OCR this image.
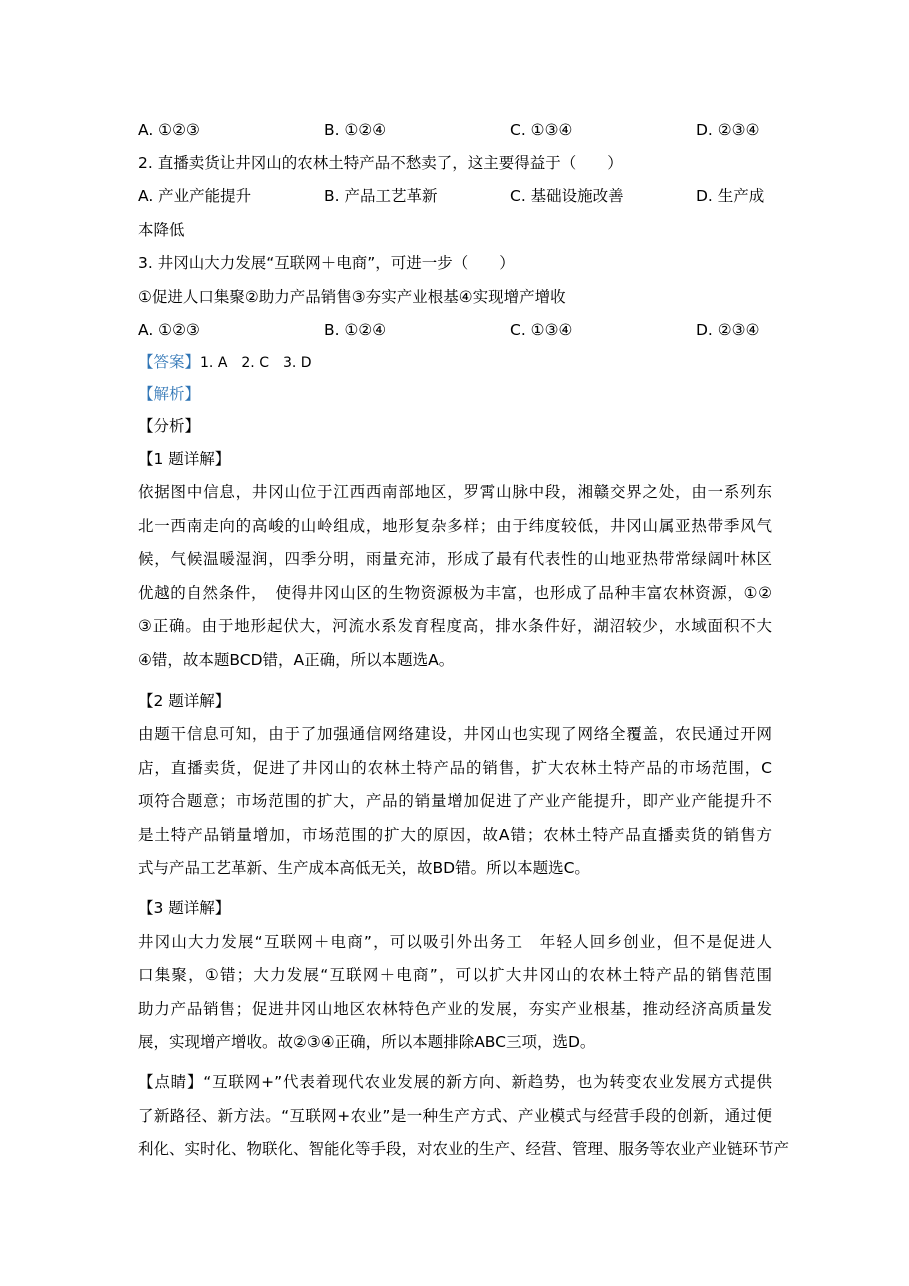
A. ①②③	B. ①②④	C. ①③④	D. ②③④
2. 直播卖货让井冈山的农林土特产品不愁卖了，这主要得益于（　　）
A. 产业产能提升	B. 产品工艺革新	C. 基础设施改善	D. 生产成
本降低
3. 井冈山大力发展“互联网＋电商”，可进一步（　　）
①促进人口集聚②助力产品销售③夯实产业根基④实现增产增收
A. ①②③	B. ①②④	C. ①③④	D. ②③④
【答案】1. A　2. C　3. D
【解析】
【分析】
【1 题详解】
依据图中信息，井冈山位于江西西南部地区，罗霄山脉中段，湘赣交界之处，由一系列东
北一西南走向的高峻的山岭组成，地形复杂多样；由于纬度较低，井冈山属亚热带季风气
候，气候温暖湿润，四季分明，雨量充沛，形成了最有代表性的山地亚热带常绿阔叶林区
优越的自然条件，　使得井冈山区的生物资源极为丰富，也形成了品种丰富农林资源，①②
③正确。由于地形起伏大，河流水系发育程度高，排水条件好，湖沼较少，水域面积不大
④错，故本题BCD错，A正确，所以本题选A。
【2 题详解】
由题干信息可知，由于了加强通信网络建设，井冈山也实现了网络全覆盖，农民通过开网
店，直播卖货，促进了井冈山的农林土特产品的销售，扩大农林土特产品的市场范围，C
项符合题意；市场范围的扩大，产品的销量增加促进了产业产能提升，即产业产能提升不
是土特产品销量增加，市场范围的扩大的原因，故A错；农林土特产品直播卖货的销售方
式与产品工艺革新、生产成本高低无关，故BD错。所以本题选C。
【3 题详解】
井冈山大力发展“互联网＋电商”，可以吸引外出务工　年轻人回乡创业，但不是促进人
口集聚，①错；大力发展“互联网＋电商”，可以扩大井冈山的农林土特产品的销售范围
助力产品销售；促进井冈山地区农林特色产业的发展，夯实产业根基，推动经济高质量发
展，实现增产增收。故②③④正确，所以本题排除ABC三项，选D。
【点睛】“互联网+”代表着现代农业发展的新方向、新趋势，也为转变农业发展方式提供
了新路径、新方法。“互联网+农业”是一种生产方式、产业模式与经营手段的创新，通过便
利化、实时化、物联化、智能化等手段，对农业的生产、经营、管理、服务等农业产业链环节产
